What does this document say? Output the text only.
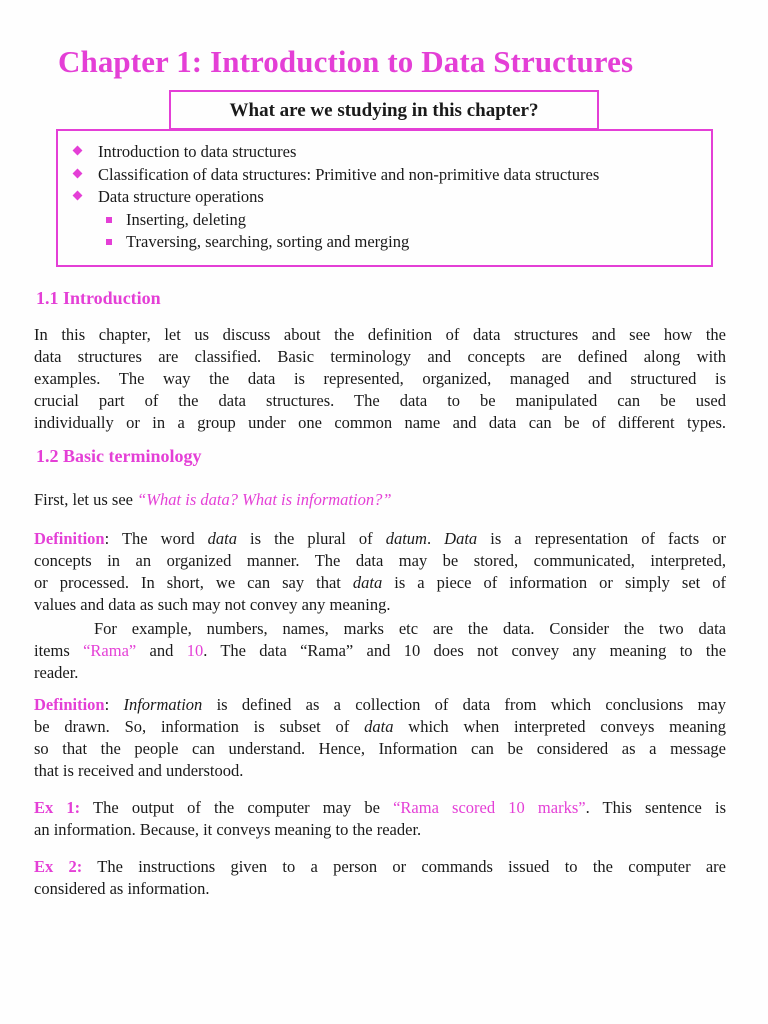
Chapter 1: Introduction to Data Structures
What are we studying in this chapter?
Introduction to data structures
Classification of data structures: Primitive and non-primitive data structures
Data structure operations
Inserting, deleting
Traversing, searching, sorting and merging
1.1 Introduction

In this chapter, let us discuss about the definition of data structures and see how the
data structures are classified. Basic terminology and concepts are defined along with
examples. The way the data is represented, organized, managed and structured is
crucial part of the data structures. The data to be manipulated can be used
individually or in a group under one common name and data can be of different types.

1.2 Basic terminology

First, let us see “What is data? What is information?”

Definition: The word data is the plural of datum. Data is a representation of facts or
concepts in an organized manner. The data may be stored, communicated, interpreted,
or processed. In short, we can say that data is a piece of information or simply set of
values and data as such may not convey any meaning.

For example, numbers, names, marks etc are the data. Consider the two data
items “Rama” and 10. The data “Rama” and 10 does not convey any meaning to the
reader.

Definition: Information is defined as a collection of data from which conclusions may
be drawn. So, information is subset of data which when interpreted conveys meaning
so that the people can understand. Hence, Information can be considered as a message
that is received and understood.

Ex 1: The output of the computer may be “Rama scored 10 marks”. This sentence is
an information. Because, it conveys meaning to the reader.

Ex 2: The instructions given to a person or commands issued to the computer are
considered as information.
